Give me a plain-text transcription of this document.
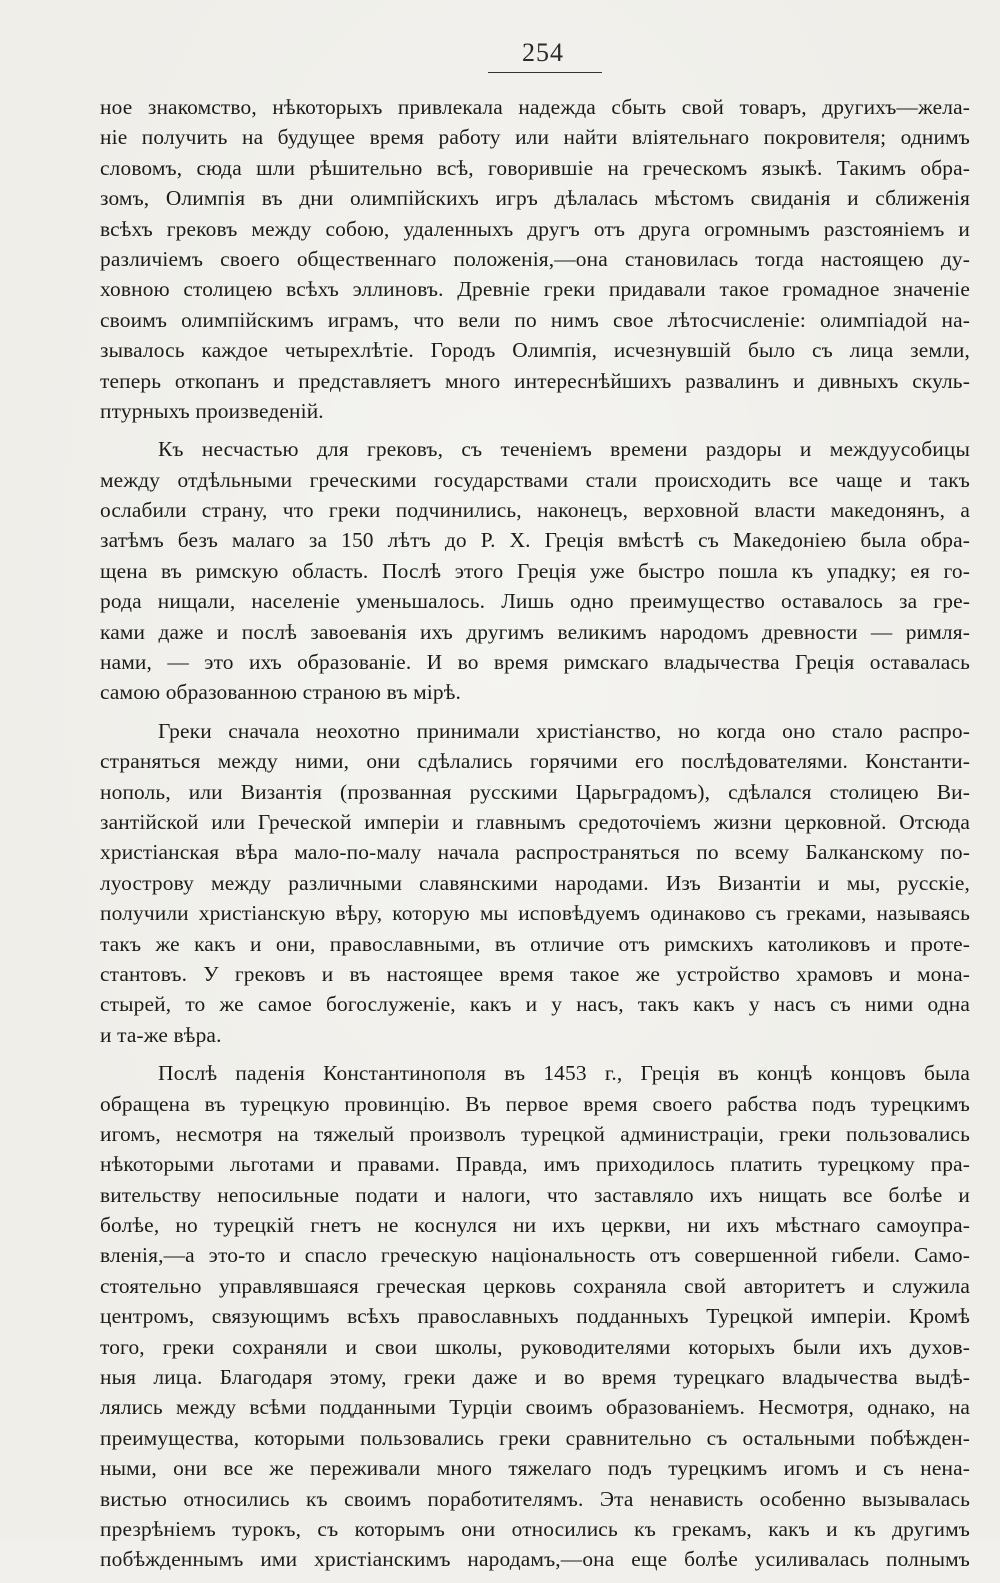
254
ное знакомство, нѣкоторыхъ привлекала надежда сбыть свой товаръ, другихъ—жела-
ніе получить на будущее время работу или найти вліятельнаго покровителя; однимъ
словомъ, сюда шли рѣшительно всѣ, говорившіе на греческомъ языкѣ. Такимъ обра-
зомъ, Олимпія въ дни олимпійскихъ игръ дѣлалась мѣстомъ свиданія и сближенія
всѣхъ грековъ между собою, удаленныхъ другъ отъ друга огромнымъ разстояніемъ и
различіемъ своего общественнаго положенія,—она становилась тогда настоящею ду-
ховною столицею всѣхъ эллиновъ. Древніе греки придавали такое громадное значеніе
своимъ олимпійскимъ играмъ, что вели по нимъ свое лѣтосчисленіе: олимпіадой на-
зывалось каждое четырехлѣтіе. Городъ Олимпія, исчезнувшій было съ лица земли,
теперь откопанъ и представляетъ много интереснѣйшихъ развалинъ и дивныхъ скуль-
птурныхъ произведеній.
Къ несчастью для грековъ, съ теченіемъ времени раздоры и междуусобицы
между отдѣльными греческими государствами стали происходить все чаще и такъ
ослабили страну, что греки подчинились, наконецъ, верховной власти македонянъ, а
затѣмъ безъ малаго за 150 лѣтъ до Р. Х. Греція вмѣстѣ съ Македоніею была обра-
щена въ римскую область. Послѣ этого Греція уже быстро пошла къ упадку; ея го-
рода нищали, населеніе уменьшалось. Лишь одно преимущество оставалось за гре-
ками даже и послѣ завоеванія ихъ другимъ великимъ народомъ древности — римля-
нами, — это ихъ образованіе. И во время римскаго владычества Греція оставалась
самою образованною страною въ мірѣ.
Греки сначала неохотно принимали христіанство, но когда оно стало распро-
страняться между ними, они сдѣлались горячими его послѣдователями. Константи-
нополь, или Византія (прозванная русскими Царьградомъ), сдѣлался столицею Ви-
зантійской или Греческой имперіи и главнымъ средоточіемъ жизни церковной. Отсюда
христіанская вѣра мало-по-малу начала распространяться по всему Балканскому по-
луострову между различными славянскими народами. Изъ Византіи и мы, русскіе,
получили христіанскую вѣру, которую мы исповѣдуемъ одинаково съ греками, называясь
такъ же какъ и они, православными, въ отличие отъ римскихъ католиковъ и проте-
стантовъ. У грековъ и въ настоящее время такое же устройство храмовъ и мона-
стырей, то же самое богослуженіе, какъ и у насъ, такъ какъ у насъ съ ними одна
и та-же вѣра.
Послѣ паденія Константинополя въ 1453 г., Греція въ концѣ концовъ была
обращена въ турецкую провинцію. Въ первое время своего рабства подъ турецкимъ
игомъ, несмотря на тяжелый произволъ турецкой администраціи, греки пользовались
нѣкоторыми льготами и правами. Правда, имъ приходилось платить турецкому пра-
вительству непосильные подати и налоги, что заставляло ихъ нищать все болѣе и
болѣе, но турецкій гнетъ не коснулся ни ихъ церкви, ни ихъ мѣстнаго самоупра-
вленія,—а это-то и спасло греческую національность отъ совершенной гибели. Само-
стоятельно управлявшаяся греческая церковь сохраняла свой авторитетъ и служила
центромъ, связующимъ всѣхъ православныхъ подданныхъ Турецкой имперіи. Кромѣ
того, греки сохраняли и свои школы, руководителями которыхъ были ихъ духов-
ныя лица. Благодаря этому, греки даже и во время турецкаго владычества выдѣ-
лялись между всѣми подданными Турціи своимъ образованіемъ. Несмотря, однако, на
преимущества, которыми пользовались греки сравнительно съ остальными побѣжден-
ными, они все же переживали много тяжелаго подъ турецкимъ игомъ и съ нена-
вистью относились къ своимъ поработителямъ. Эта ненависть особенно вызывалась
презрѣніемъ турокъ, съ которымъ они относились къ грекамъ, какъ и къ другимъ
побѣжденнымъ ими христіанскимъ народамъ,—она еще болѣе усиливалась полнымъ
